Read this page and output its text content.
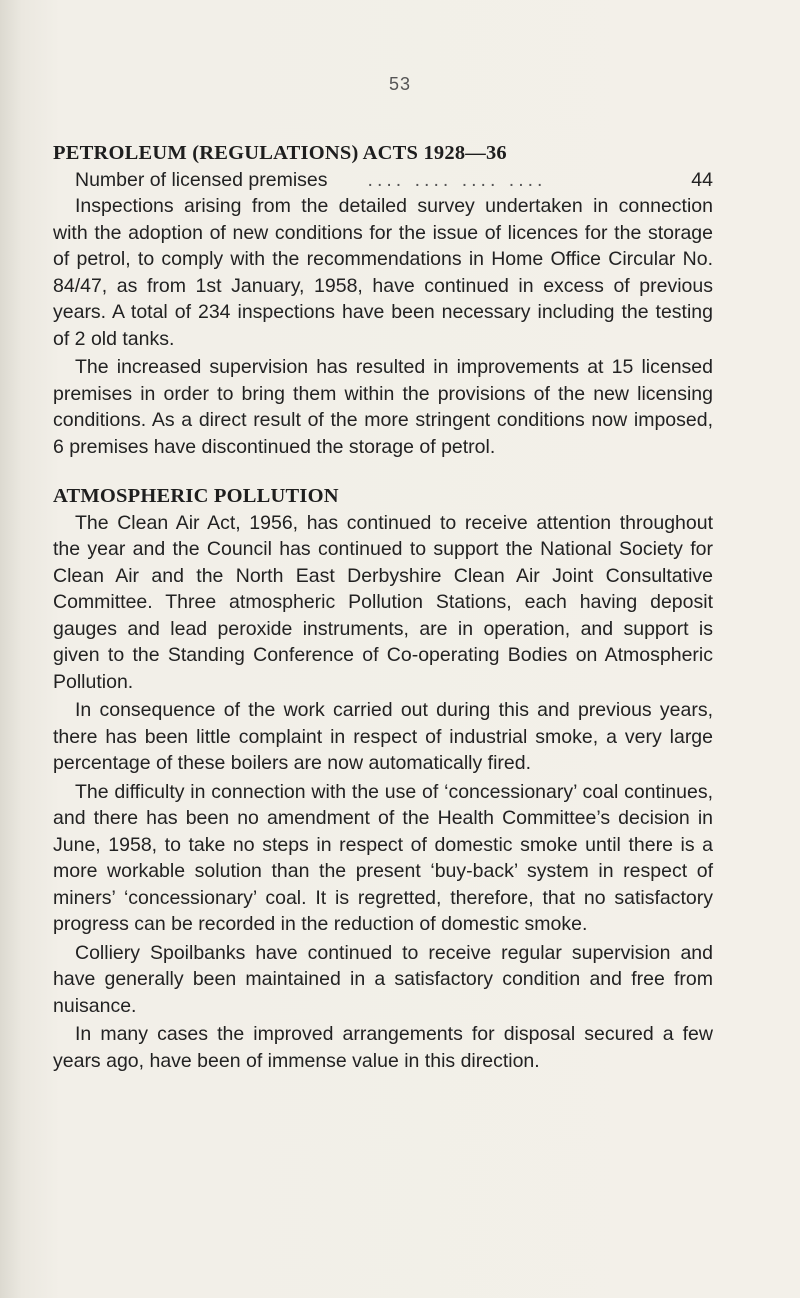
53
PETROLEUM (REGULATIONS) ACTS 1928—36
Number of licensed premises	.... .... .... ....	44

Inspections arising from the detailed survey undertaken in connection with the adoption of new conditions for the issue of licences for the storage of petrol, to comply with the recommendations in Home Office Circular No. 84/47, as from 1st January, 1958, have continued in excess of previous years. A total of 234 inspections have been necessary including the testing of 2 old tanks.

The increased supervision has resulted in improvements at 15 licensed premises in order to bring them within the provisions of the new licensing conditions. As a direct result of the more stringent conditions now imposed, 6 premises have discontinued the storage of petrol.

ATMOSPHERIC POLLUTION

The Clean Air Act, 1956, has continued to receive attention throughout the year and the Council has continued to support the National Society for Clean Air and the North East Derbyshire Clean Air Joint Consultative Committee. Three atmospheric Pollution Stations, each having deposit gauges and lead peroxide instruments, are in operation, and support is given to the Standing Conference of Co-operating Bodies on Atmospheric Pollution.

In consequence of the work carried out during this and previous years, there has been little complaint in respect of industrial smoke, a very large percentage of these boilers are now automatically fired.

The difficulty in connection with the use of ‘concessionary’ coal continues, and there has been no amendment of the Health Committee’s decision in June, 1958, to take no steps in respect of domestic smoke until there is a more workable solution than the present ‘buy-back’ system in respect of miners’ ‘concessionary’ coal. It is regretted, therefore, that no satisfactory progress can be recorded in the reduction of domestic smoke.

Colliery Spoilbanks have continued to receive regular supervision and have generally been maintained in a satisfactory condition and free from nuisance.

In many cases the improved arrangements for disposal secured a few years ago, have been of immense value in this direction.
